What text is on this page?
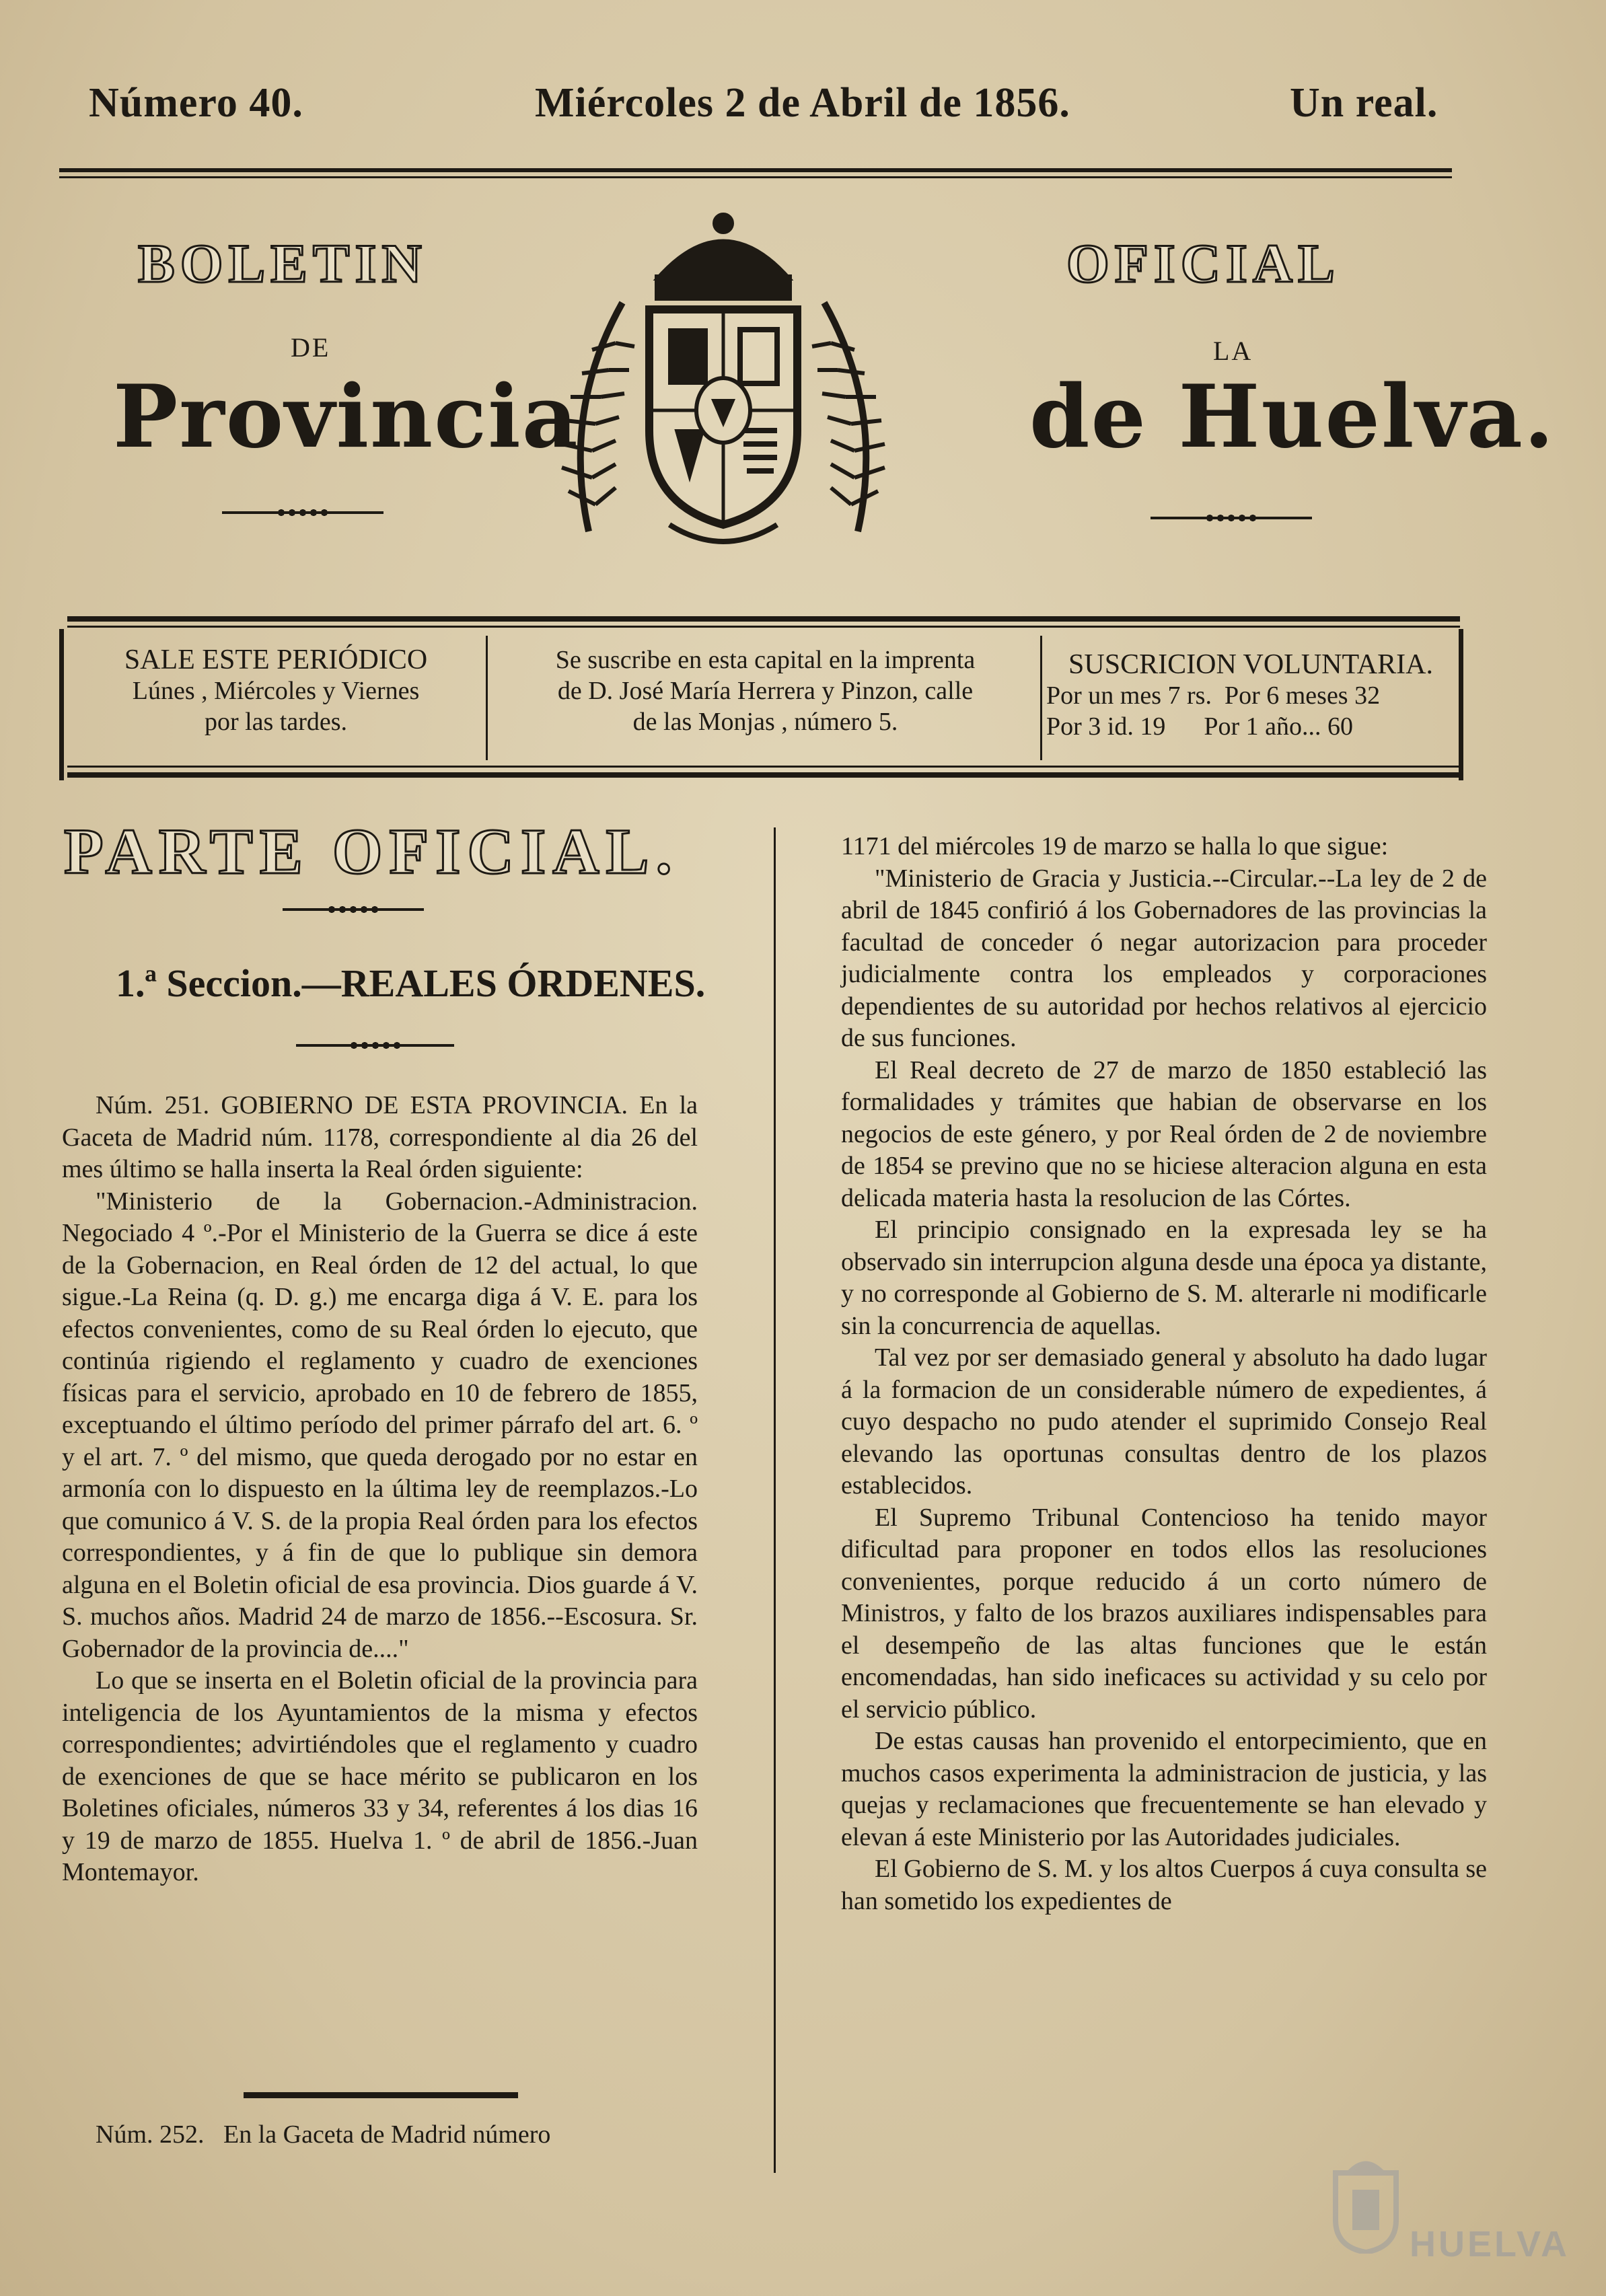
Número 40.	Miércoles 2 de Abril de 1856.	Un real.
BOLETIN	OFICIAL
DE	LA
Provincia	de Huelva.
SALE ESTE PERIÓDICO
Lúnes , Miércoles y Viernes
por las tardes.
Se suscribe en esta capital en la imprenta
de D. José María Herrera y Pinzon, calle
de las Monjas , número 5.
SUSCRICION VOLUNTARIA.
Por un mes 7 rs.  Por 6 meses 32
Por 3 id. 19      Por 1 año... 60
PARTE OFICIAL.
1.ª Seccion.—REALES ÓRDENES.

Núm. 251. GOBIERNO DE ESTA PROVINCIA. En la Gaceta de Madrid núm. 1178, correspondiente al dia 26 del mes último se halla inserta la Real órden siguiente:

"Ministerio de la Gobernacion.-Administracion. Negociado 4 º.-Por el Ministerio de la Guerra se dice á este de la Gobernacion, en Real órden de 12 del actual, lo que sigue.-La Reina (q. D. g.) me encarga diga á V. E. para los efectos convenientes, como de su Real órden lo ejecuto, que continúa rigiendo el reglamento y cuadro de exenciones físicas para el servicio, aprobado en 10 de febrero de 1855, exceptuando el último período del primer párrafo del art. 6. º y el art. 7. º del mismo, que queda derogado por no estar en armonía con lo dispuesto en la última ley de reemplazos.-Lo que comunico á V. S. de la propia Real órden para los efectos correspondientes, y á fin de que lo publique sin demora alguna en el Boletin oficial de esa provincia. Dios guarde á V. S. muchos años. Madrid 24 de marzo de 1856.--Escosura. Sr. Gobernador de la provincia de...."

Lo que se inserta en el Boletin oficial de la provincia para inteligencia de los Ayuntamientos de la misma y efectos correspondientes; advirtiéndoles que el reglamento y cuadro de exenciones de que se hace mérito se publicaron en los Boletines oficiales, números 33 y 34, referentes á los dias 16 y 19 de marzo de 1855. Huelva 1. º de abril de 1856.-Juan Montemayor.

Núm. 252.   En la Gaceta de Madrid número

1171 del miércoles 19 de marzo se halla lo que sigue:

"Ministerio de Gracia y Justicia.--Circular.--La ley de 2 de abril de 1845 confirió á los Gobernadores de las provincias la facultad de conceder ó negar autorizacion para proceder judicialmente contra los empleados y corporaciones dependientes de su autoridad por hechos relativos al ejercicio de sus funciones.

El Real decreto de 27 de marzo de 1850 estableció las formalidades y trámites que habian de observarse en los negocios de este género, y por Real órden de 2 de noviembre de 1854 se previno que no se hiciese alteracion alguna en esta delicada materia hasta la resolucion de las Córtes.

El principio consignado en la expresada ley se ha observado sin interrupcion alguna desde una época ya distante, y no corresponde al Gobierno de S. M. alterarle ni modificarle sin la concurrencia de aquellas.

Tal vez por ser demasiado general y absoluto ha dado lugar á la formacion de un considerable número de expedientes, á cuyo despacho no pudo atender el suprimido Consejo Real elevando las oportunas consultas dentro de los plazos establecidos.

El Supremo Tribunal Contencioso ha tenido mayor dificultad para proponer en todos ellos las resoluciones convenientes, porque reducido á un corto número de Ministros, y falto de los brazos auxiliares indispensables para el desempeño de las altas funciones que le están encomendadas, han sido ineficaces su actividad y su celo por el servicio público.

De estas causas han provenido el entorpecimiento, que en muchos casos experimenta la administracion de justicia, y las quejas y reclamaciones que frecuentemente se han elevado y elevan á este Ministerio por las Autoridades judiciales.

El Gobierno de S. M. y los altos Cuerpos á cuya consulta se han sometido los expedientes de

HUELVA
